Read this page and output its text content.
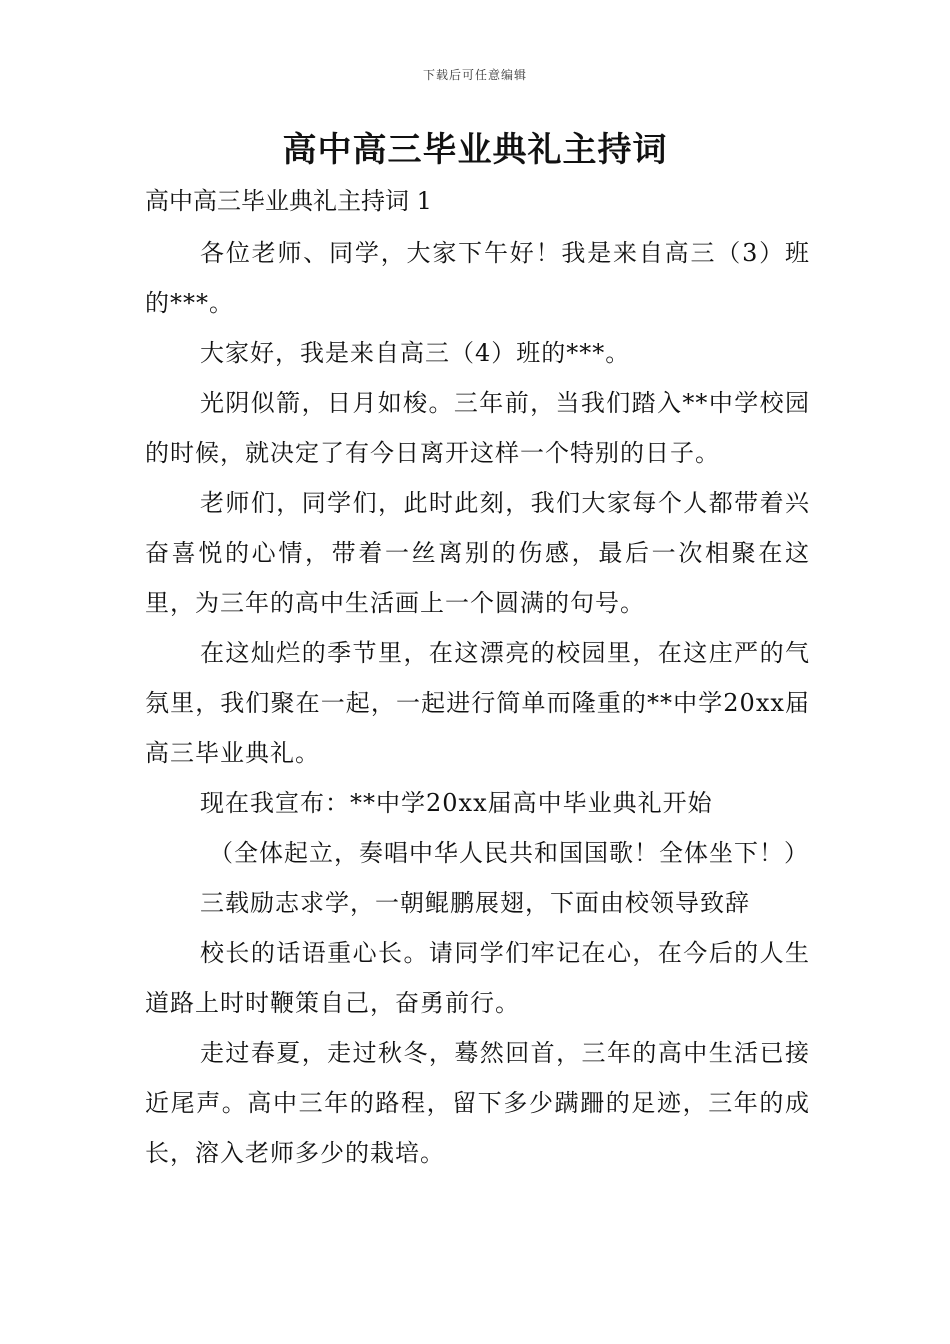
下载后可任意编辑
高中高三毕业典礼主持词
高中高三毕业典礼主持词 1

各位老师、同学，大家下午好！我是来自高三（3）班的***。

大家好，我是来自高三（4）班的***。

光阴似箭，日月如梭。三年前，当我们踏入**中学校园的时候，就决定了有今日离开这样一个特别的日子。

老师们，同学们，此时此刻，我们大家每个人都带着兴奋喜悦的心情，带着一丝离别的伤感，最后一次相聚在这里，为三年的高中生活画上一个圆满的句号。

在这灿烂的季节里，在这漂亮的校园里，在这庄严的气氛里，我们聚在一起，一起进行简单而隆重的**中学20xx届高三毕业典礼。

现在我宣布：**中学20xx届高中毕业典礼开始

（全体起立，奏唱中华人民共和国国歌！全体坐下！）

三载励志求学，一朝鲲鹏展翅，下面由校领导致辞

校长的话语重心长。请同学们牢记在心，在今后的人生道路上时时鞭策自己，奋勇前行。

走过春夏，走过秋冬，蓦然回首，三年的高中生活已接近尾声。高中三年的路程，留下多少蹒跚的足迹，三年的成长，溶入老师多少的栽培。
